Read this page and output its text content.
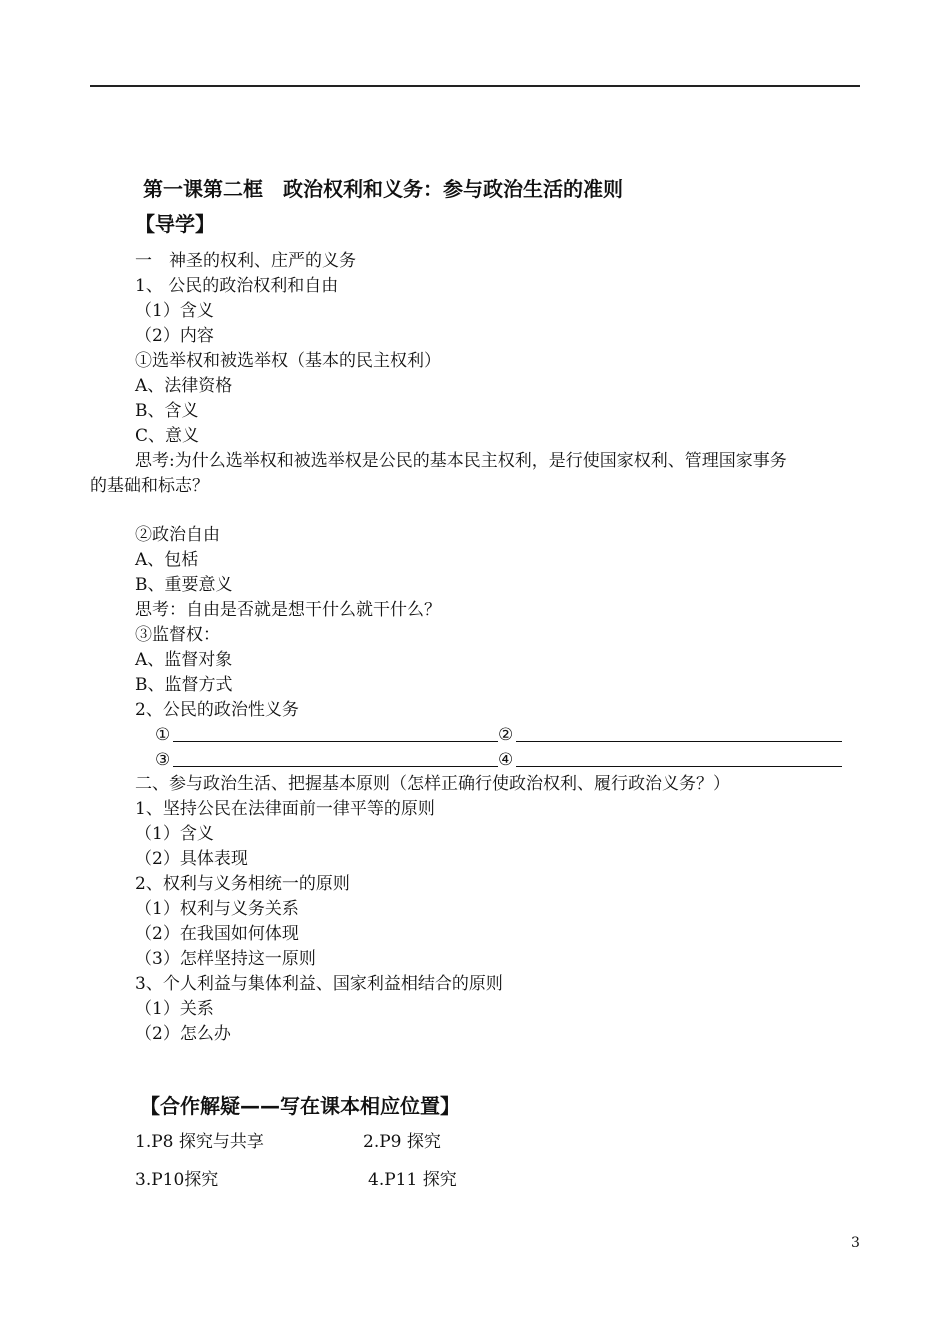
第一课第二框　政治权利和义务：参与政治生活的准则
【导学】
一　神圣的权利、庄严的义务
1、 公民的政治权利和自由
（1）含义
（2）内容
①选举权和被选举权（基本的民主权利）
A、法律资格
B、含义
C、意义
思考:为什么选举权和被选举权是公民的基本民主权利，是行使国家权利、管理国家事务
的基础和标志？
②政治自由
A、包栝
B、重要意义
思考：自由是否就是想干什么就干什么？
③监督权：
A、监督对象
B、监督方式
2、公民的政治性义务
①	②
③	④
二、参与政治生活、把握基本原则（怎样正确行使政治权利、履行政治义务？）
1、坚持公民在法律面前一律平等的原则
（1）含义
（2）具体表现
2、权利与义务相统一的原则
（1）权利与义务关系
（2）在我国如何体现
（3）怎样坚持这一原则
3、个人利益与集体利益、国家利益相结合的原则
（1）关系
（2）怎么办
【合作解疑——写在课本相应位置】
1.P8 探究与共享	2.P9 探究
3.P10探究	4.P11 探究
3
